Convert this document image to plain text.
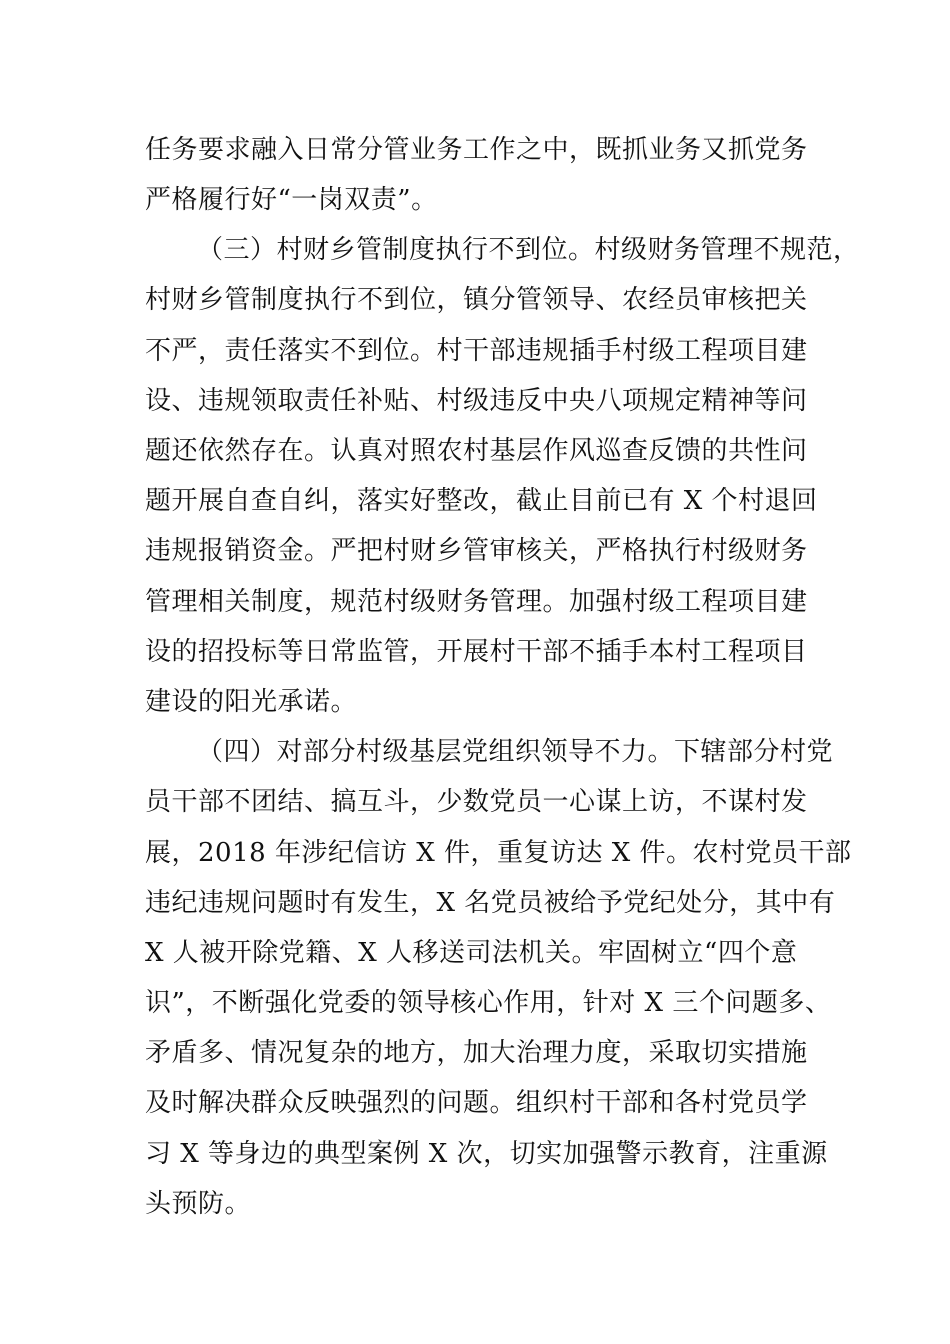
任务要求融入日常分管业务工作之中，既抓业务又抓党务
严格履行好“一岗双责”。
（三）村财乡管制度执行不到位。村级财务管理不规范，
村财乡管制度执行不到位，镇分管领导、农经员审核把关
不严，责任落实不到位。村干部违规插手村级工程项目建
设、违规领取责任补贴、村级违反中央八项规定精神等问
题还依然存在。认真对照农村基层作风巡查反馈的共性问
题开展自查自纠，落实好整改，截止目前已有 X 个村退回
违规报销资金。严把村财乡管审核关，严格执行村级财务
管理相关制度，规范村级财务管理。加强村级工程项目建
设的招投标等日常监管，开展村干部不插手本村工程项目
建设的阳光承诺。
（四）对部分村级基层党组织领导不力。下辖部分村党
员干部不团结、搞互斗，少数党员一心谋上访，不谋村发
展，2018 年涉纪信访 X 件，重复访达 X 件。农村党员干部
违纪违规问题时有发生，X 名党员被给予党纪处分，其中有
X 人被开除党籍、X 人移送司法机关。牢固树立“四个意
识”，不断强化党委的领导核心作用，针对 X 三个问题多、
矛盾多、情况复杂的地方，加大治理力度，采取切实措施
及时解决群众反映强烈的问题。组织村干部和各村党员学
习 X 等身边的典型案例 X 次，切实加强警示教育，注重源
头预防。
